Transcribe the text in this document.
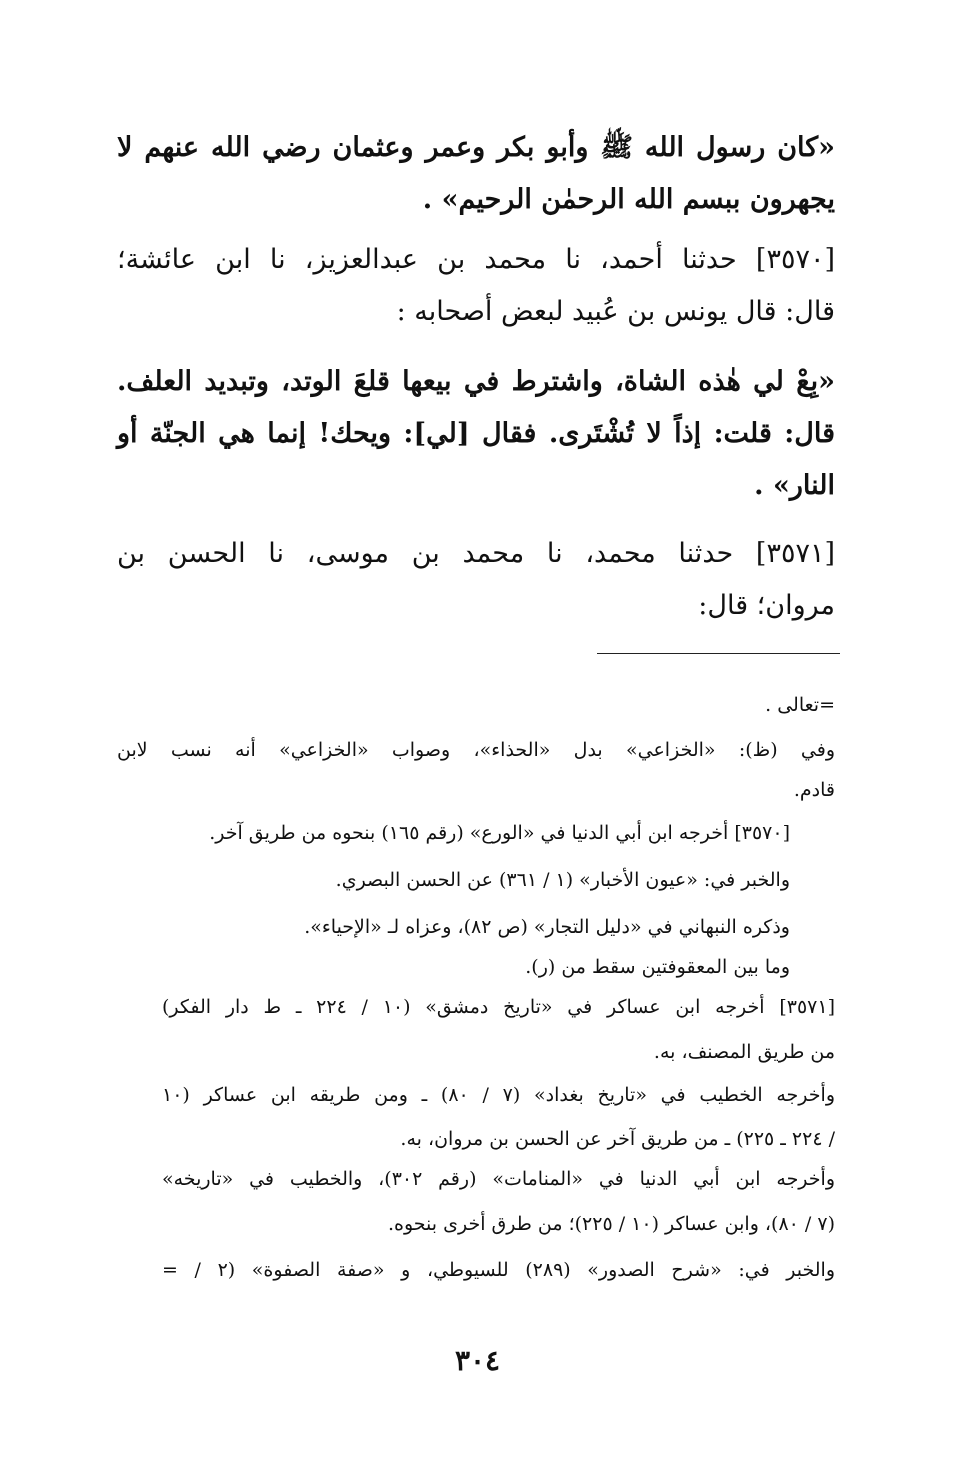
«كان رسول الله ﷺ وأبو بكر وعمر وعثمان رضي الله عنهم لا

يجهرون ببسم الله الرحمٰن الرحيم» .

[٣٥٧٠] حدثنا أحمد، نا محمد بن عبدالعزيز، نا ابن عائشة؛

قال: قال يونس بن عُبيد لبعض أصحابه :

«بِعْ لي هٰذه الشاة، واشترط في بيعها قلعَ الوتد، وتبديد العلف.

قال: قلت: إذاً لا تُشْتَرى. فقال [لي]: ويحك! إنما هي الجنّة أو

النار» .

[٣٥٧١] حدثنا محمد، نا محمد بن موسى، نا الحسن بن

مروان؛ قال:

=تعالى .

وفي (ظ): «الخزاعي» بدل «الحذاء»، وصواب «الخزاعي» أنه نسب لابن

قادم.

[٣٥٧٠] أخرجه ابن أبي الدنيا في «الورع» (رقم ١٦٥) بنحوه من طريق آخر.

والخبر في: «عيون الأخبار» (١ / ٣٦١) عن الحسن البصري.

وذكره النبهاني في «دليل التجار» (ص ٨٢)، وعزاه لـ «الإحياء».

وما بين المعقوفتين سقط من (ر).

[٣٥٧١] أخرجه ابن عساكر في «تاريخ دمشق» (١٠ / ٢٢٤ ـ ط دار الفكر)

من طريق المصنف، به.

وأخرجه الخطيب في «تاريخ بغداد» (٧ / ٨٠) ـ ومن طريقه ابن عساكر (١٠

/ ٢٢٤ ـ ٢٢٥) ـ من طريق آخر عن الحسن بن مروان، به.

وأخرجه ابن أبي الدنيا في «المنامات» (رقم ٣٠٢)، والخطيب في «تاريخه»

(٧ / ٨٠)، وابن عساكر (١٠ / ٢٢٥)؛ من طرق أخرى بنحوه.

والخبر في: «شرح الصدور» (٢٨٩) للسيوطي، و «صفة الصفوة» (٢ / =

٣٠٤
